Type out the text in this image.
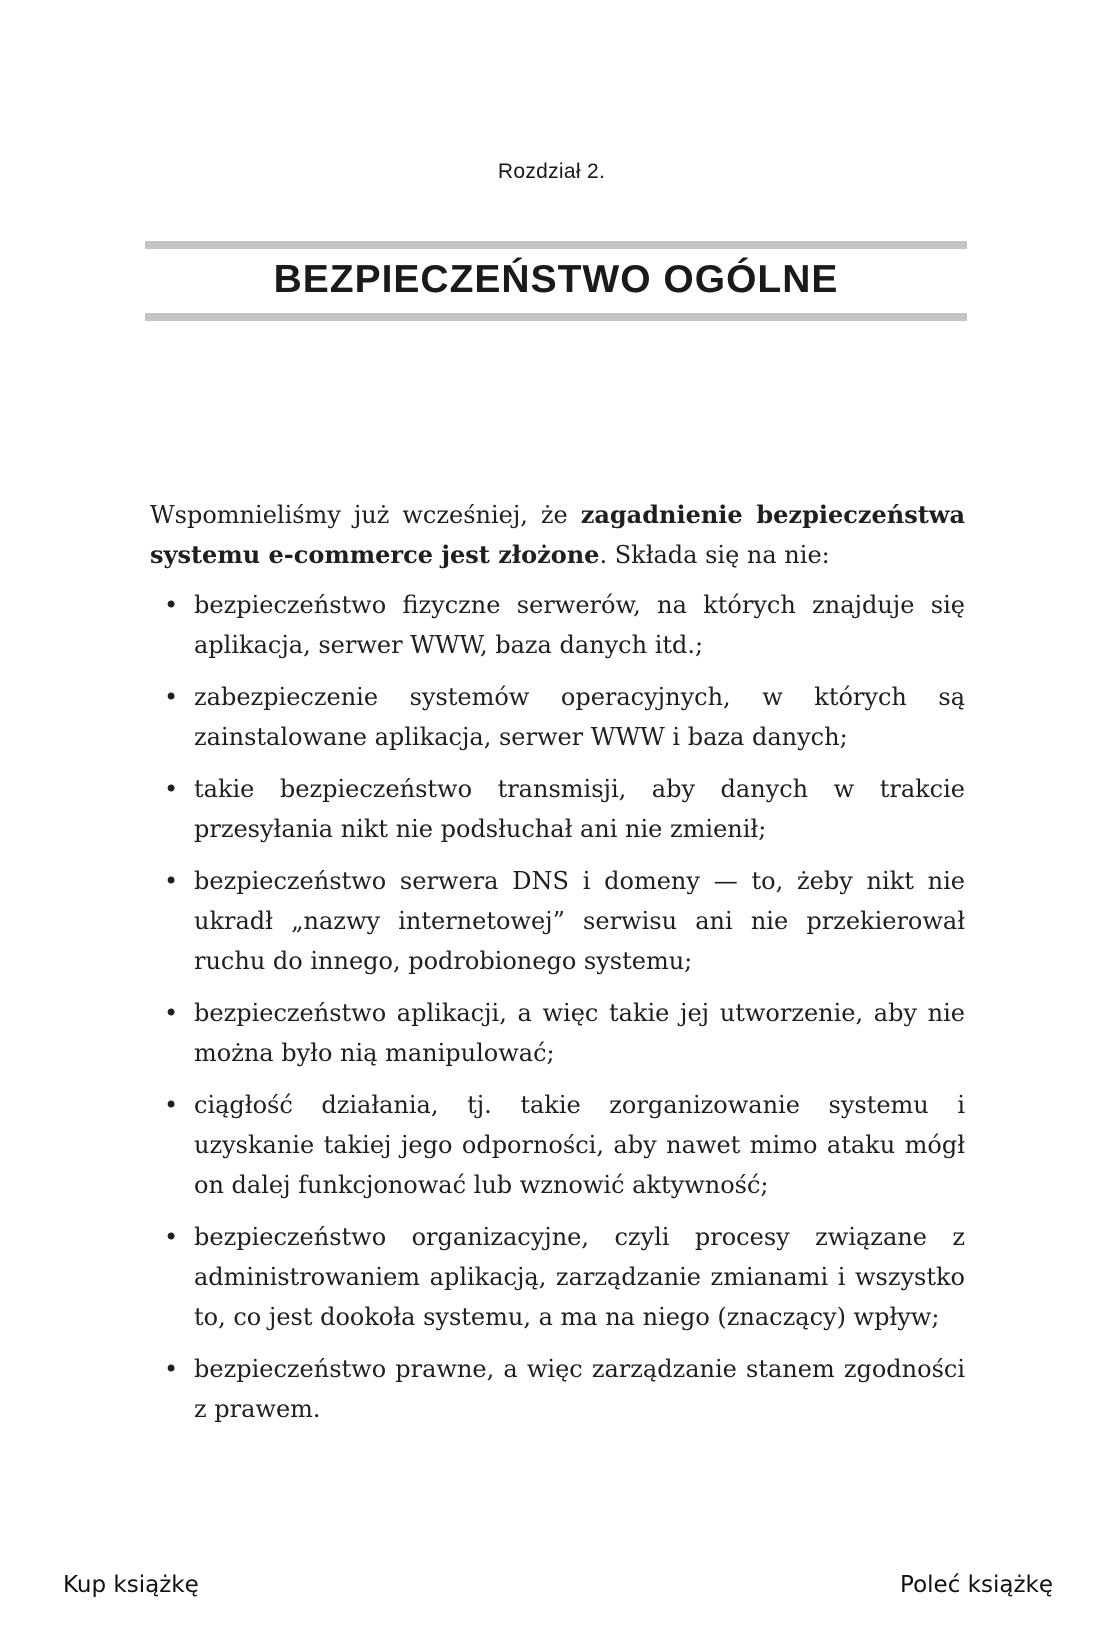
Rozdział 2.
BEZPIECZEŃSTWO OGÓLNE

Wspomnieliśmy już wcześniej, że zagadnienie bezpieczeństwa systemu e-commerce jest złożone. Składa się na nie:

• bezpieczeństwo fizyczne serwerów, na których znajduje się aplikacja, serwer WWW, baza danych itd.;
• zabezpieczenie systemów operacyjnych, w których są zainstalowane aplikacja, serwer WWW i baza danych;
• takie bezpieczeństwo transmisji, aby danych w trakcie przesyłania nikt nie podsłuchał ani nie zmienił;
• bezpieczeństwo serwera DNS i domeny — to, żeby nikt nie ukradł „nazwy internetowej” serwisu ani nie przekierował ruchu do innego, podrobionego systemu;
• bezpieczeństwo aplikacji, a więc takie jej utworzenie, aby nie można było nią manipulować;
• ciągłość działania, tj. takie zorganizowanie systemu i uzyskanie takiej jego odporności, aby nawet mimo ataku mógł on dalej funkcjonować lub wznowić aktywność;
• bezpieczeństwo organizacyjne, czyli procesy związane z administrowaniem aplikacją, zarządzanie zmianami i wszystko to, co jest dookoła systemu, a ma na niego (znaczący) wpływ;
• bezpieczeństwo prawne, a więc zarządzanie stanem zgodności z prawem.
Kup książkę	Poleć książkę
